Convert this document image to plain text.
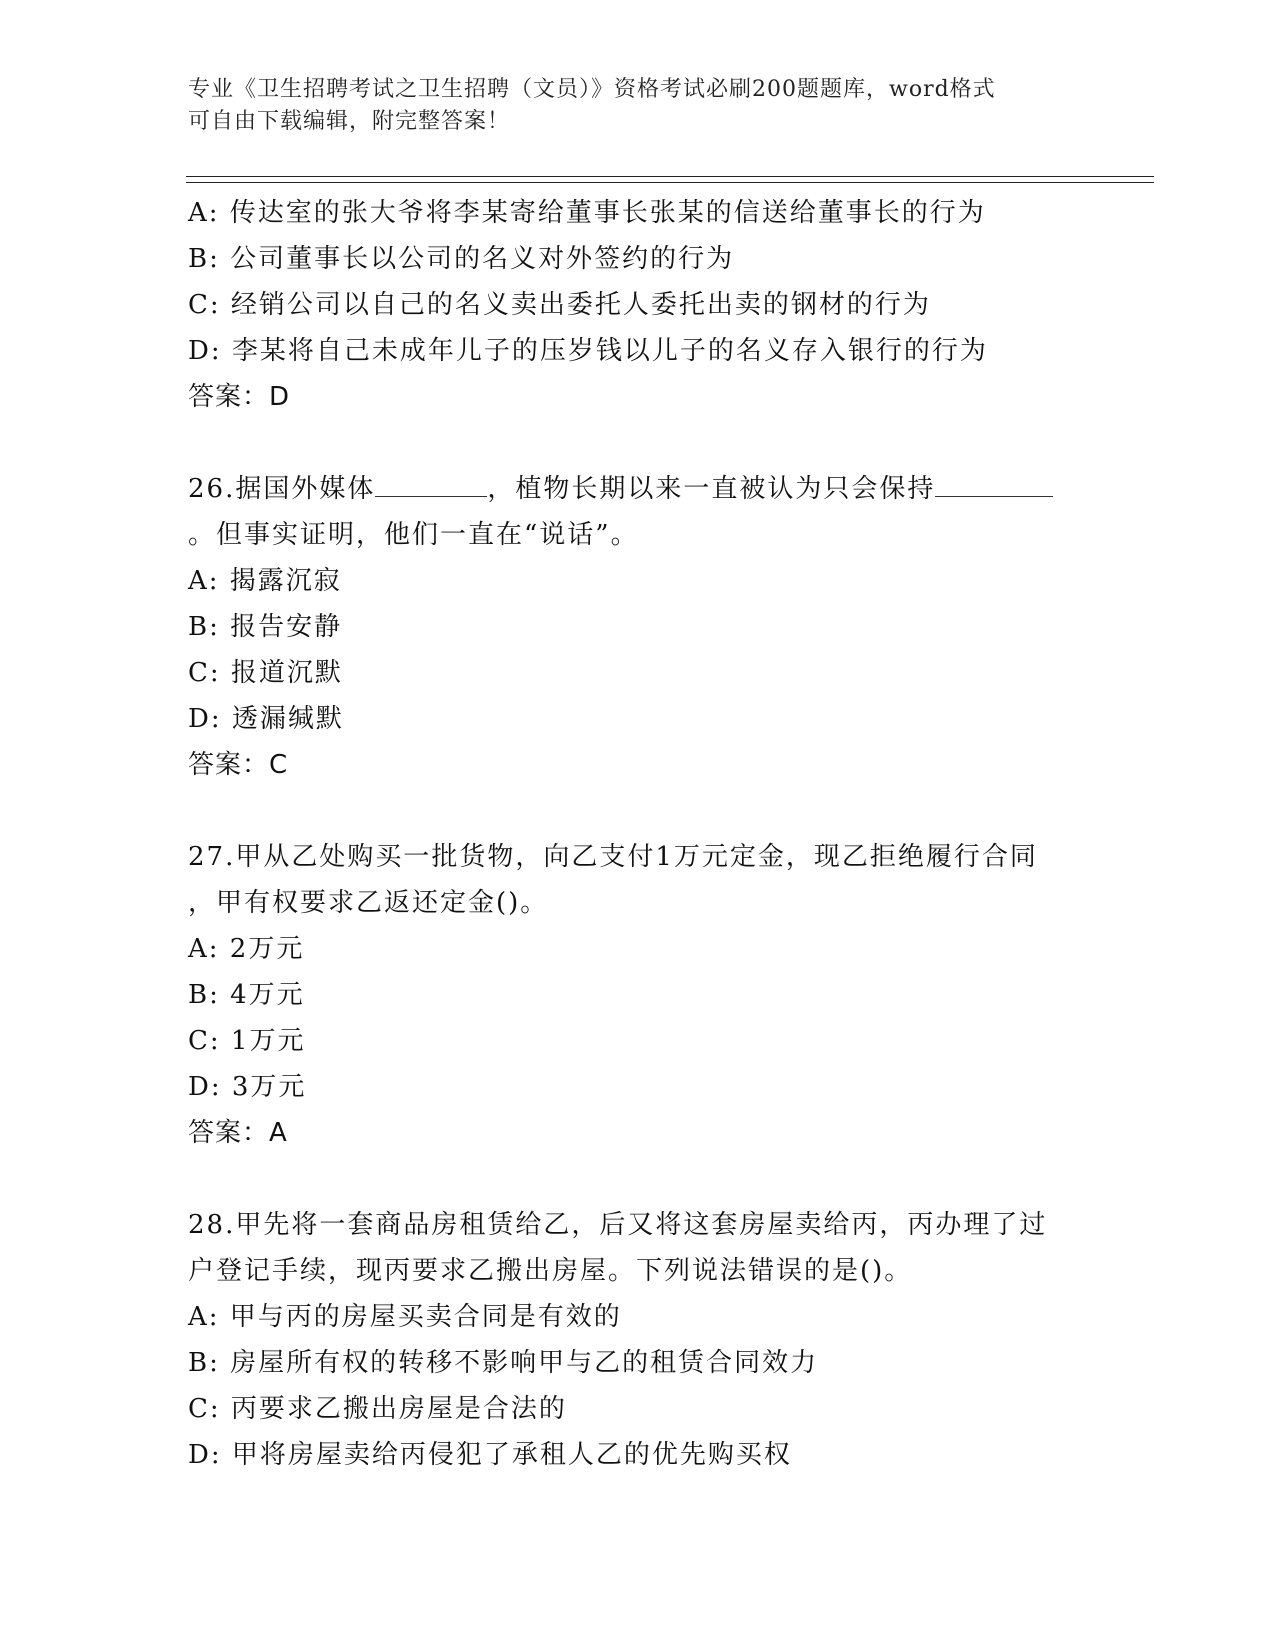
专业《卫生招聘考试之卫生招聘（文员）》资格考试必刷200题题库，word格式
可自由下载编辑，附完整答案！
A: 传达室的张大爷将李某寄给董事长张某的信送给董事长的行为
B: 公司董事长以公司的名义对外签约的行为
C: 经销公司以自己的名义卖出委托人委托出卖的钢材的行为
D: 李某将自己未成年儿子的压岁钱以儿子的名义存入银行的行为
答案：D
26.据国外媒体	，植物长期以来一直被认为只会保持
。但事实证明，他们一直在“说话”。
A: 揭露沉寂
B: 报告安静
C: 报道沉默
D: 透漏缄默
答案：C
27.甲从乙处购买一批货物，向乙支付1万元定金，现乙拒绝履行合同
，甲有权要求乙返还定金()。
A: 2万元
B: 4万元
C: 1万元
D: 3万元
答案：A
28.甲先将一套商品房租赁给乙，后又将这套房屋卖给丙，丙办理了过
户登记手续，现丙要求乙搬出房屋。下列说法错误的是()。
A: 甲与丙的房屋买卖合同是有效的
B: 房屋所有权的转移不影响甲与乙的租赁合同效力
C: 丙要求乙搬出房屋是合法的
D: 甲将房屋卖给丙侵犯了承租人乙的优先购买权
